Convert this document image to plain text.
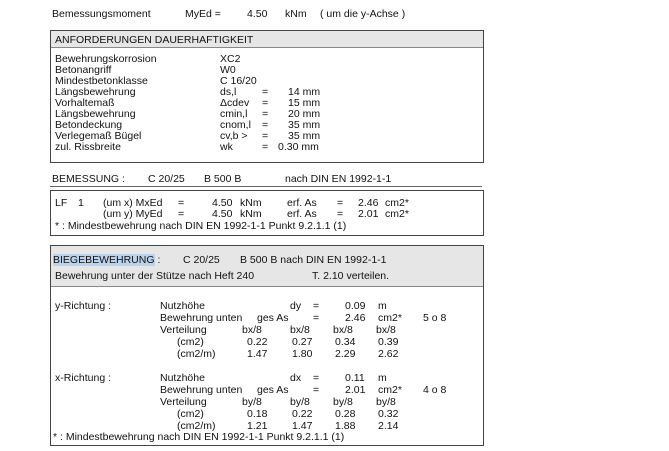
Bemessungsmoment	MyEd = 4.50 kNm ( um die y-Achse )
ANFORDERUNGEN DAUERHAFTIGKEIT
Bewehrungskorrosion	XC2
Betonangriff	W0
Mindestbetonklasse	C 16/20
Längsbewehrung	ds,l = 14 mm
Vorhaltemaß	Δcdev = 15 mm
Längsbewehrung	cmin,l = 20 mm
Betondeckung	cnom,l = 35 mm
Verlegemaß Bügel	cv,b > = 35 mm
zul. Rissbreite	wk	= 0.30 mm
BEMESSUNG : C 20/25 B 500 B	nach DIN EN 1992-1-1
LF 1 (um x) MxEd =	4.50 kNm erf. As = 2.46 cm2*
(um y) MyEd =	4.50 kNm erf. As = 2.01 cm2*
* : Mindestbewehrung nach DIN EN 1992-1-1 Punkt 9.2.1.1 (1)
BIEGEBEWEHRUNG : C 20/25 B 500 B nach DIN EN 1992-1-1
Bewehrung unter der Stütze nach Heft 240	T. 2.10 verteilen.
y-Richtung :	Nutzhöhe	dy = 0.09 m
Bewehrung unten ges As = 2.46 cm2* 5 o 8
Verteilung	bx/8	bx/8 bx/8 bx/8
(cm2)	0.22 0.27 0.34 0.39
(cm2/m)	1.47 1.80 2.29 2.62
x-Richtung :	Nutzhöhe	dx = 0.11 m
Bewehrung unten ges As = 2.01 cm2* 4 o 8
Verteilung	by/8	by/8 by/8 by/8
(cm2)	0.18 0.22 0.28 0.32
(cm2/m)	1.21 1.47 1.88 2.14
* : Mindestbewehrung nach DIN EN 1992-1-1 Punkt 9.2.1.1 (1)
